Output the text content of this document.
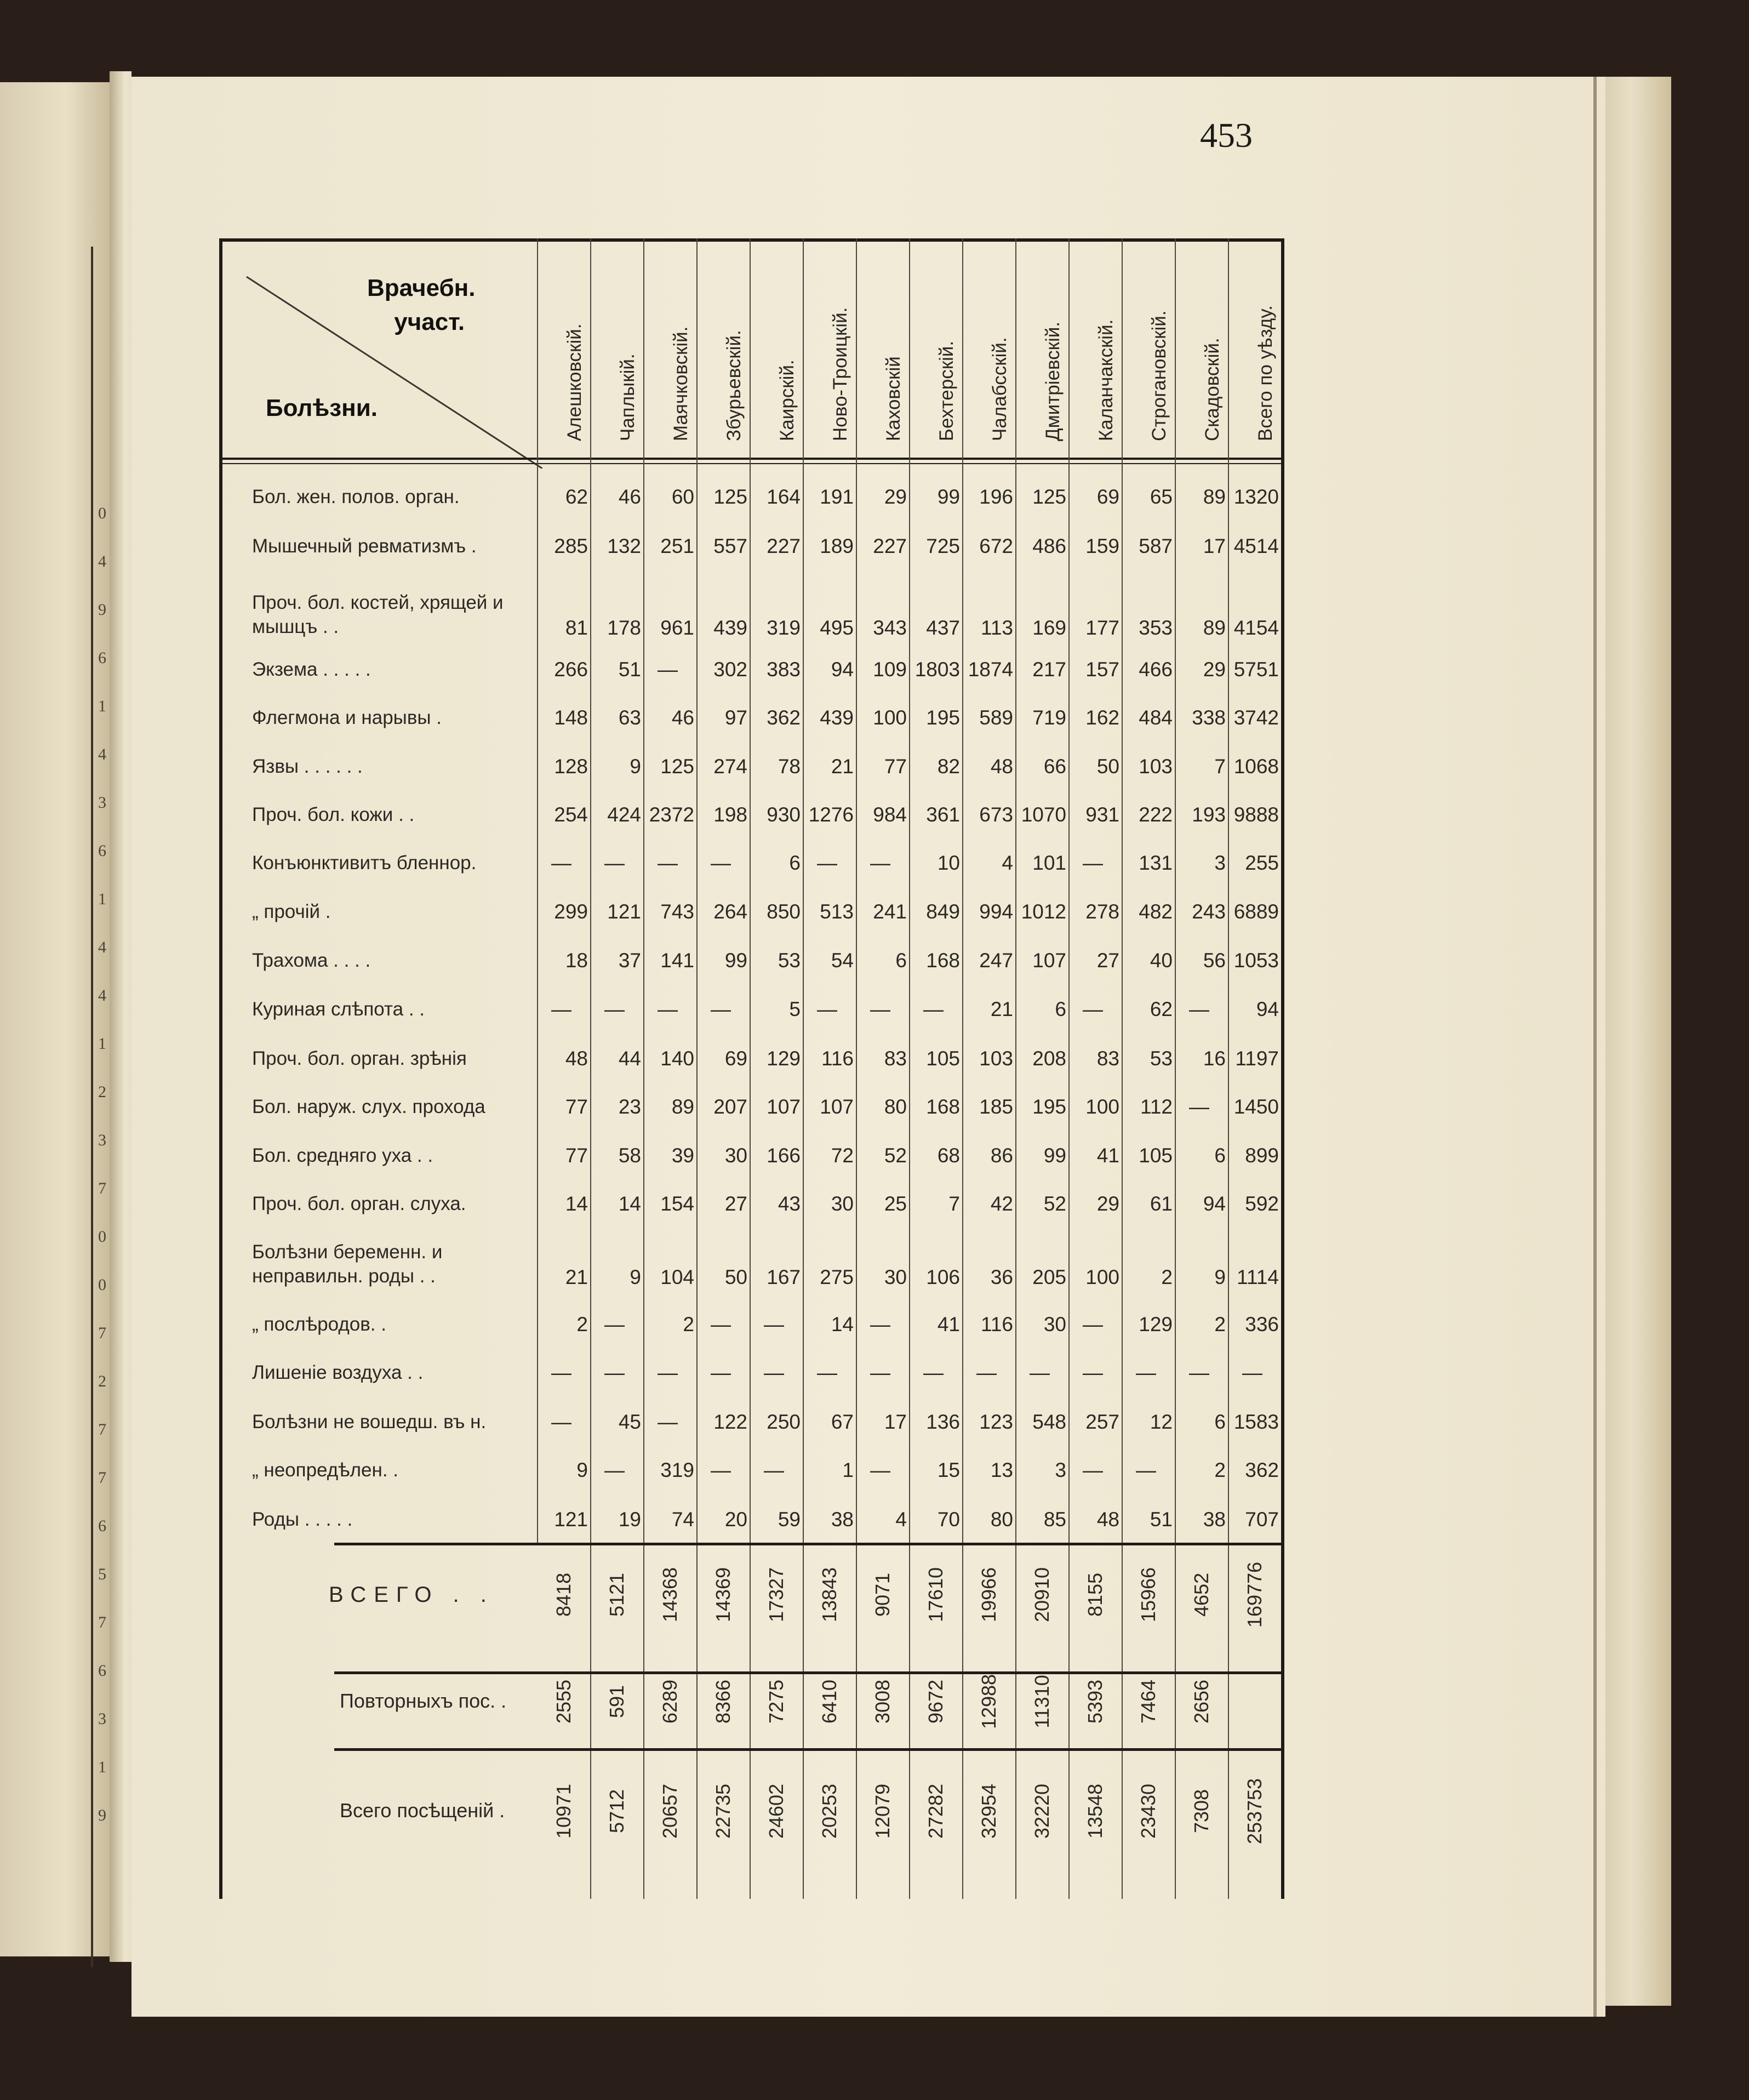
0
4
9
6
1
4
3
6
1
4
4
1
2
3
7
0
0
7
2
7
7
6
5
7
6
3
1
9
453
Врачебн.
участ.
Болѣзни.	Алешковскій. Чаплыкій. Маячковскій. Збурьевскій. Каирскій. Ново-Троицкій. Каховскій Бехтерскій. Чалабсскій. Дмитріевскій. Каланчакскій. Строгановскій. Скадовскій. Всего по уѣзду.
Бол. жен. полов. орган.	62	46	60 125 164 191	29	99 196 125	69	65	89 1320
Мышечный ревматизмъ .	285 132 251 557 227 189 227 725 672 486 159 587	17 4514
Проч. бол. костей, хрящей и мышцъ . .	81 178 961 439 319 495 343 437	113 169 177 353	89 4154
Экзема . . . . .	266	51 —	302 383	94 109 1803 1874 217 157 466	29 5751
Флегмона и нарывы .	148	63	46	97 362 439 100 195 589 719 162 484 338 3742
Язвы . . . . . .	128	9 125 274	78	21	77	82	48	66	50 103	7 1068
Проч. бол. кожи . .	254 424 2372 198 930 1276 984 361 673 1070 931 222 193 9888
Конъюнктивитъ бленнор.	—	—	—	—	6 —	—	10	4 101 —	131	3 255
„ прочій .	299 121 743 264 850 513 241 849 994 1012 278 482 243 6889
Трахома . . . .	18	37 141	99	53	54	6 168 247 107	27	40	56 1053
Куриная слѣпота . .	—	—	—	—	5 —	—	—	21	6 —	62 —	94
Проч. бол. орган. зрѣнія	48	44 140	69 129	116	83 105 103 208	83	53	16 1197
Бол. наруж. слух. прохода	77	23	89 207 107 107	80 168 185 195 100	112 —	1450
Бол. средняго уха . .	77	58	39	30 166	72	52	68	86	99	41 105	6 899
Проч. бол. орган. слуха.	14	14 154	27	43	30	25	7	42	52	29	61	94 592
Болѣзни беременн. и неправильн. роды . .	21	9 104	50 167 275	30 106	36 205 100	2	9 1114
„ послѣродов. .	2 —	2 —	—	14 —	41	116	30 —	129	2 336
Лишеніе воздуха . .	—	—	—	—	—	—	—	—	—	—	—	—	—	—
Болѣзни не вошедш. въ н.	—	45 —	122 250	67	17 136 123 548 257	12	6 1583
„ неопредѣлен. .	9 —	319 —	—	1 —	15	13	3 —	—	2 362
Роды . . . . .	121	19	74	20	59	38	4	70	80	85	48	51	38 707
ВСЕГО . .	8418 5121 14368 14369 17327 13843 9071 17610 19966 20910 8155 15966 4652 169776
Повторныхъ пос. . 2555 591 6289 8366 7275 6410 3008 9672 12988 11310 5393 7464 2656
Всего посѣщеній . 10971 5712 20657 22735 24602 20253 12079 27282 32954 32220 13548 23430 7308 253753
